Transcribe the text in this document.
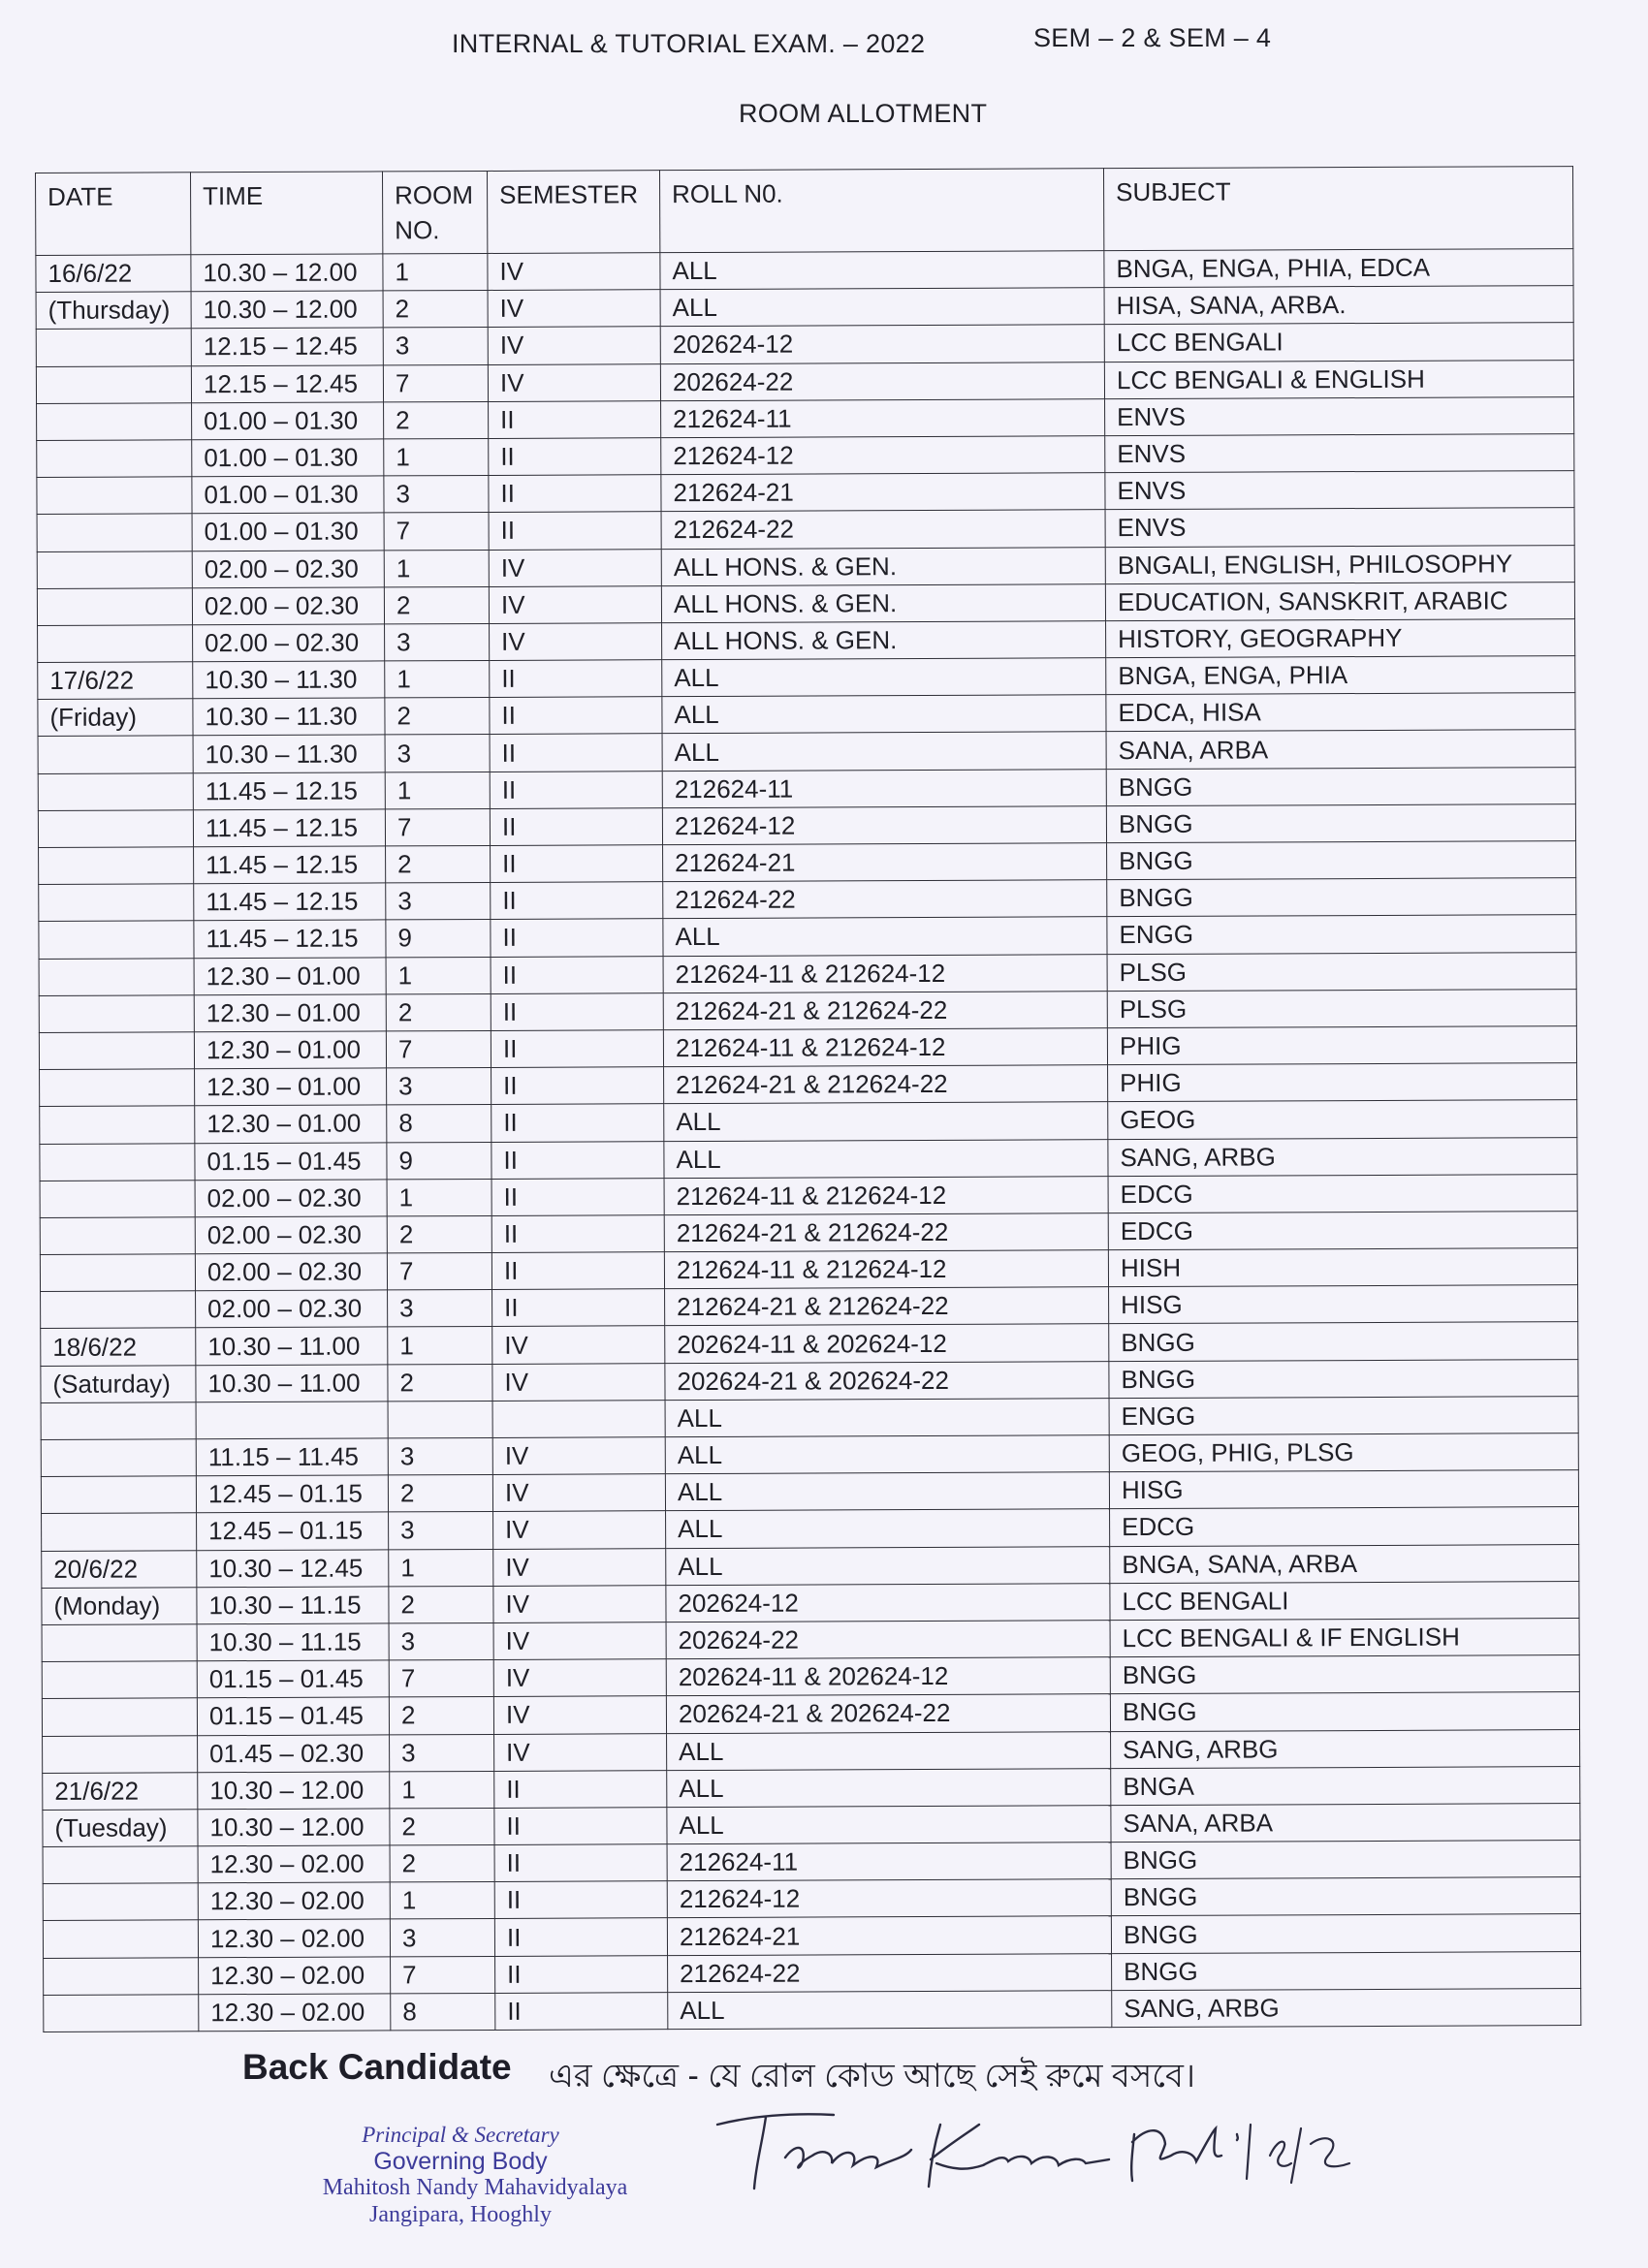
INTERNAL & TUTORIAL EXAM. – 2022	SEM – 2 & SEM – 4
ROOM ALLOTMENT
DATE	TIME	ROOM NO.	SEMESTER	ROLL N0.	SUBJECT
16/6/22	10.30 – 12.00	1	IV	ALL	BNGA, ENGA, PHIA, EDCA
(Thursday)	10.30 – 12.00	2	IV	ALL	HISA, SANA, ARBA.
	12.15 – 12.45	3	IV	202624-12	LCC BENGALI
	12.15 – 12.45	7	IV	202624-22	LCC BENGALI & ENGLISH
	01.00 – 01.30	2	II	212624-11	ENVS
	01.00 – 01.30	1	II	212624-12	ENVS
	01.00 – 01.30	3	II	212624-21	ENVS
	01.00 – 01.30	7	II	212624-22	ENVS
	02.00 – 02.30	1	IV	ALL HONS. & GEN.	BNGALI, ENGLISH, PHILOSOPHY
	02.00 – 02.30	2	IV	ALL HONS. & GEN.	EDUCATION, SANSKRIT, ARABIC
	02.00 – 02.30	3	IV	ALL HONS. & GEN.	HISTORY, GEOGRAPHY
17/6/22	10.30 – 11.30	1	II	ALL	BNGA, ENGA, PHIA
(Friday)	10.30 – 11.30	2	II	ALL	EDCA, HISA
	10.30 – 11.30	3	II	ALL	SANA, ARBA
	11.45 – 12.15	1	II	212624-11	BNGG
	11.45 – 12.15	7	II	212624-12	BNGG
	11.45 – 12.15	2	II	212624-21	BNGG
	11.45 – 12.15	3	II	212624-22	BNGG
	11.45 – 12.15	9	II	ALL	ENGG
	12.30 – 01.00	1	II	212624-11 & 212624-12	PLSG
	12.30 – 01.00	2	II	212624-21 & 212624-22	PLSG
	12.30 – 01.00	7	II	212624-11 & 212624-12	PHIG
	12.30 – 01.00	3	II	212624-21 & 212624-22	PHIG
	12.30 – 01.00	8	II	ALL	GEOG
	01.15 – 01.45	9	II	ALL	SANG, ARBG
	02.00 – 02.30	1	II	212624-11 & 212624-12	EDCG
	02.00 – 02.30	2	II	212624-21 & 212624-22	EDCG
	02.00 – 02.30	7	II	212624-11 & 212624-12	HISH
	02.00 – 02.30	3	II	212624-21 & 212624-22	HISG
18/6/22	10.30 – 11.00	1	IV	202624-11 & 202624-12	BNGG
(Saturday)	10.30 – 11.00	2	IV	202624-21 & 202624-22	BNGG
				ALL	ENGG
	11.15 – 11.45	3	IV	ALL	GEOG, PHIG, PLSG
	12.45 – 01.15	2	IV	ALL	HISG
	12.45 – 01.15	3	IV	ALL	EDCG
20/6/22	10.30 – 12.45	1	IV	ALL	BNGA, SANA, ARBA
(Monday)	10.30 – 11.15	2	IV	202624-12	LCC BENGALI
	10.30 – 11.15	3	IV	202624-22	LCC BENGALI & IF ENGLISH
	01.15 – 01.45	7	IV	202624-11 & 202624-12	BNGG
	01.15 – 01.45	2	IV	202624-21 & 202624-22	BNGG
	01.45 – 02.30	3	IV	ALL	SANG, ARBG
21/6/22	10.30 – 12.00	1	II	ALL	BNGA
(Tuesday)	10.30 – 12.00	2	II	ALL	SANA, ARBA
	12.30 – 02.00	2	II	212624-11	BNGG
	12.30 – 02.00	1	II	212624-12	BNGG
	12.30 – 02.00	3	II	212624-21	BNGG
	12.30 – 02.00	7	II	212624-22	BNGG
	12.30 – 02.00	8	II	ALL	SANG, ARBG
Back Candidate এর ক্ষেত্রে - যে রোল কোড আছে সেই রুমে বসবে।
Principal & Secretary
Governing Body
Mahitosh Nandy Mahavidyalaya
Jangipara, Hooghly
